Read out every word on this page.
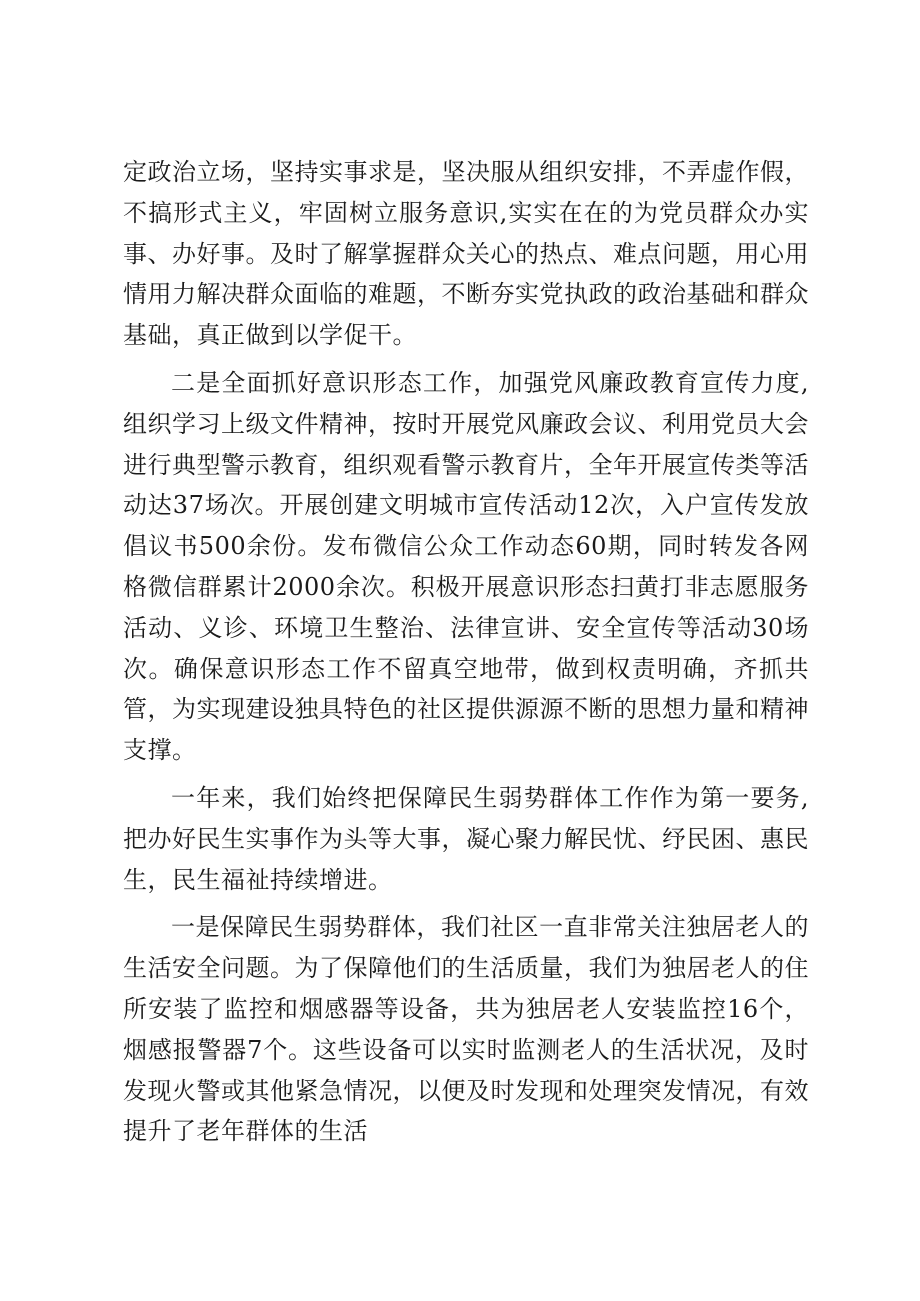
定政治立场，坚持实事求是，坚决服从组织安排，不弄虚作假，不搞形式主义，牢固树立服务意识,实实在在的为党员群众办实事、办好事。及时了解掌握群众关心的热点、难点问题，用心用情用力解决群众面临的难题，不断夯实党执政的政治基础和群众基础，真正做到以学促干。

二是全面抓好意识形态工作，加强党风廉政教育宣传力度,组织学习上级文件精神，按时开展党风廉政会议、利用党员大会进行典型警示教育，组织观看警示教育片，全年开展宣传类等活动达37场次。开展创建文明城市宣传活动12次，入户宣传发放倡议书500余份。发布微信公众工作动态60期，同时转发各网格微信群累计2000余次。积极开展意识形态扫黄打非志愿服务活动、义诊、环境卫生整治、法律宣讲、安全宣传等活动30场次。确保意识形态工作不留真空地带，做到权责明确，齐抓共管，为实现建设独具特色的社区提供源源不断的思想力量和精神支撑。

一年来，我们始终把保障民生弱势群体工作作为第一要务,把办好民生实事作为头等大事，凝心聚力解民忧、纾民困、惠民生，民生福祉持续增进。

一是保障民生弱势群体，我们社区一直非常关注独居老人的生活安全问题。为了保障他们的生活质量，我们为独居老人的住所安装了监控和烟感器等设备，共为独居老人安装监控16个，烟感报警器7个。这些设备可以实时监测老人的生活状况，及时发现火警或其他紧急情况，以便及时发现和处理突发情况，有效提升了老年群体的生活
